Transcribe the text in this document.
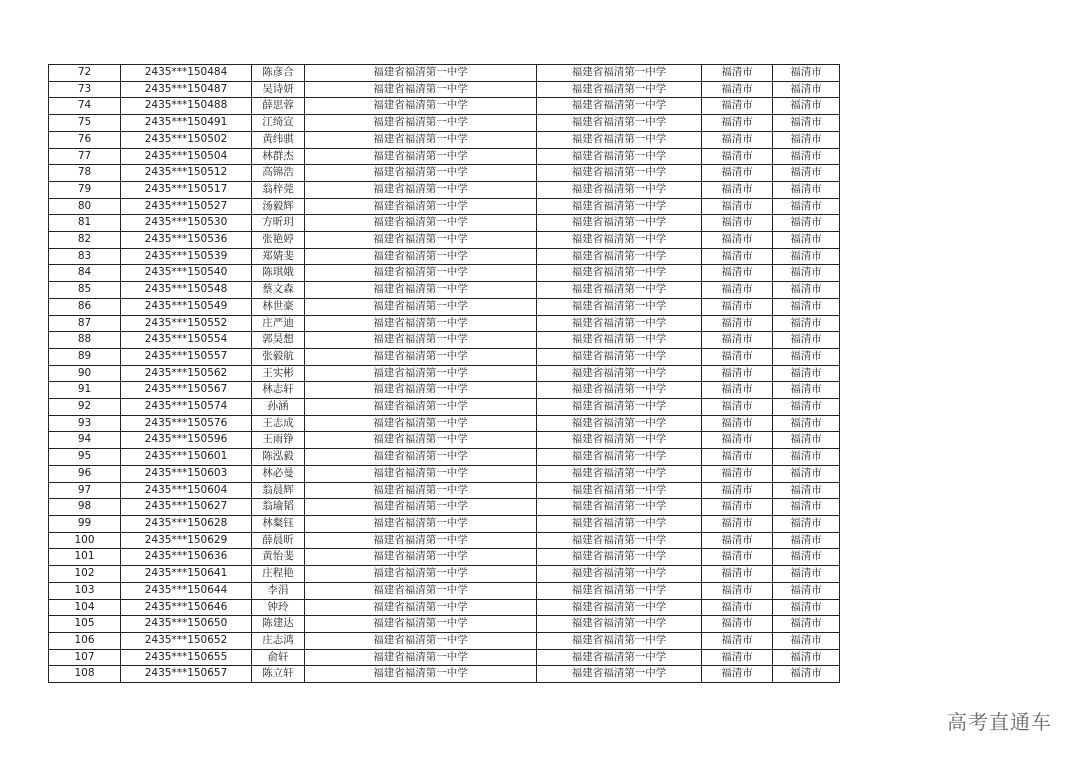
72	2435***150484	陈彦合	福建省福清第一中学	福建省福清第一中学	福清市	福清市
73	2435***150487	吴诗妍	福建省福清第一中学	福建省福清第一中学	福清市	福清市
74	2435***150488	薛思蓉	福建省福清第一中学	福建省福清第一中学	福清市	福清市
75	2435***150491	江绮宣	福建省福清第一中学	福建省福清第一中学	福清市	福清市
76	2435***150502	黄纬骐	福建省福清第一中学	福建省福清第一中学	福清市	福清市
77	2435***150504	林群杰	福建省福清第一中学	福建省福清第一中学	福清市	福清市
78	2435***150512	高锦浩	福建省福清第一中学	福建省福清第一中学	福清市	福清市
79	2435***150517	翁梓莞	福建省福清第一中学	福建省福清第一中学	福清市	福清市
80	2435***150527	汤毅辉	福建省福清第一中学	福建省福清第一中学	福清市	福清市
81	2435***150530	方昕玥	福建省福清第一中学	福建省福清第一中学	福清市	福清市
82	2435***150536	张艳婷	福建省福清第一中学	福建省福清第一中学	福清市	福清市
83	2435***150539	郑婧斐	福建省福清第一中学	福建省福清第一中学	福清市	福清市
84	2435***150540	陈琪娥	福建省福清第一中学	福建省福清第一中学	福清市	福清市
85	2435***150548	蔡文森	福建省福清第一中学	福建省福清第一中学	福清市	福清市
86	2435***150549	林世豪	福建省福清第一中学	福建省福清第一中学	福清市	福清市
87	2435***150552	庄严迪	福建省福清第一中学	福建省福清第一中学	福清市	福清市
88	2435***150554	郭昊想	福建省福清第一中学	福建省福清第一中学	福清市	福清市
89	2435***150557	张毅航	福建省福清第一中学	福建省福清第一中学	福清市	福清市
90	2435***150562	王实彬	福建省福清第一中学	福建省福清第一中学	福清市	福清市
91	2435***150567	林志轩	福建省福清第一中学	福建省福清第一中学	福清市	福清市
92	2435***150574	孙涵	福建省福清第一中学	福建省福清第一中学	福清市	福清市
93	2435***150576	王志成	福建省福清第一中学	福建省福清第一中学	福清市	福清市
94	2435***150596	王雨铮	福建省福清第一中学	福建省福清第一中学	福清市	福清市
95	2435***150601	陈泓毅	福建省福清第一中学	福建省福清第一中学	福清市	福清市
96	2435***150603	林必曼	福建省福清第一中学	福建省福清第一中学	福清市	福清市
97	2435***150604	翁晨辉	福建省福清第一中学	福建省福清第一中学	福清市	福清市
98	2435***150627	翁瑜韬	福建省福清第一中学	福建省福清第一中学	福清市	福清市
99	2435***150628	林粲钰	福建省福清第一中学	福建省福清第一中学	福清市	福清市
100	2435***150629	薛晨昕	福建省福清第一中学	福建省福清第一中学	福清市	福清市
101	2435***150636	黄怡斐	福建省福清第一中学	福建省福清第一中学	福清市	福清市
102	2435***150641	庄程艳	福建省福清第一中学	福建省福清第一中学	福清市	福清市
103	2435***150644	李涓	福建省福清第一中学	福建省福清第一中学	福清市	福清市
104	2435***150646	钟玲	福建省福清第一中学	福建省福清第一中学	福清市	福清市
105	2435***150650	陈建达	福建省福清第一中学	福建省福清第一中学	福清市	福清市
106	2435***150652	庄志鸿	福建省福清第一中学	福建省福清第一中学	福清市	福清市
107	2435***150655	俞轩	福建省福清第一中学	福建省福清第一中学	福清市	福清市
108	2435***150657	陈立轩	福建省福清第一中学	福建省福清第一中学	福清市	福清市
高考直通车
